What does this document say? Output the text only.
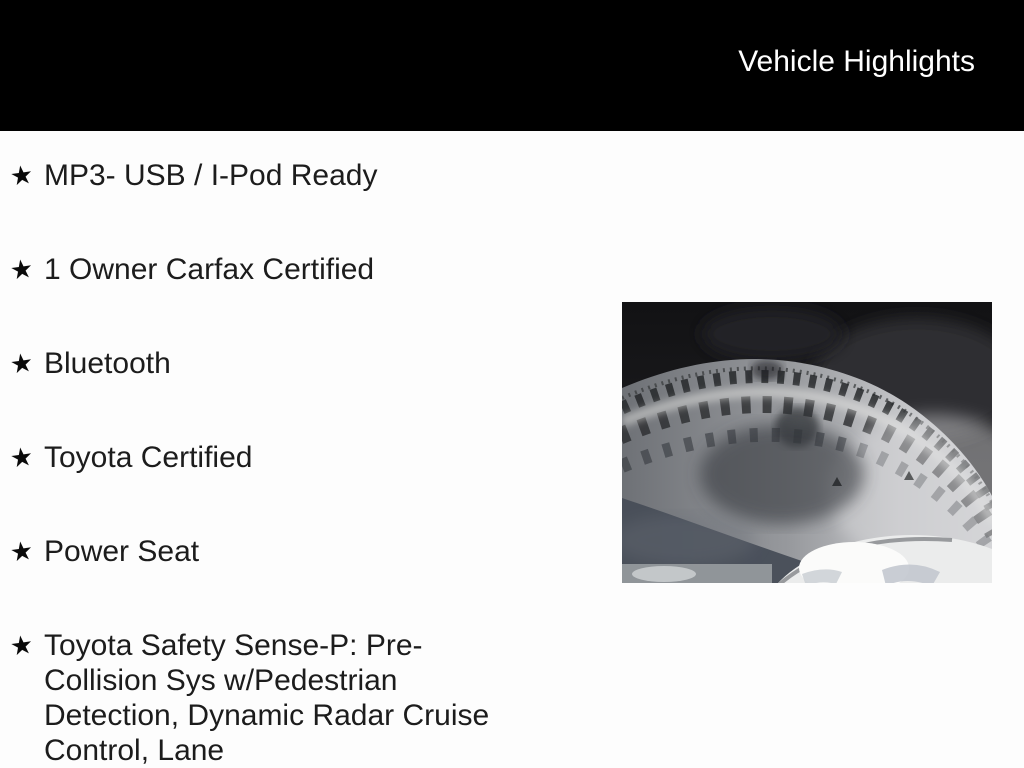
Vehicle Highlights
★ MP3- USB / I-Pod Ready
★ 1 Owner Carfax Certified
★ Bluetooth
★ Toyota Certified
★ Power Seat
★ Toyota Safety Sense-P: Pre-Collision Sys w/Pedestrian Detection, Dynamic Radar Cruise Control, Lane
